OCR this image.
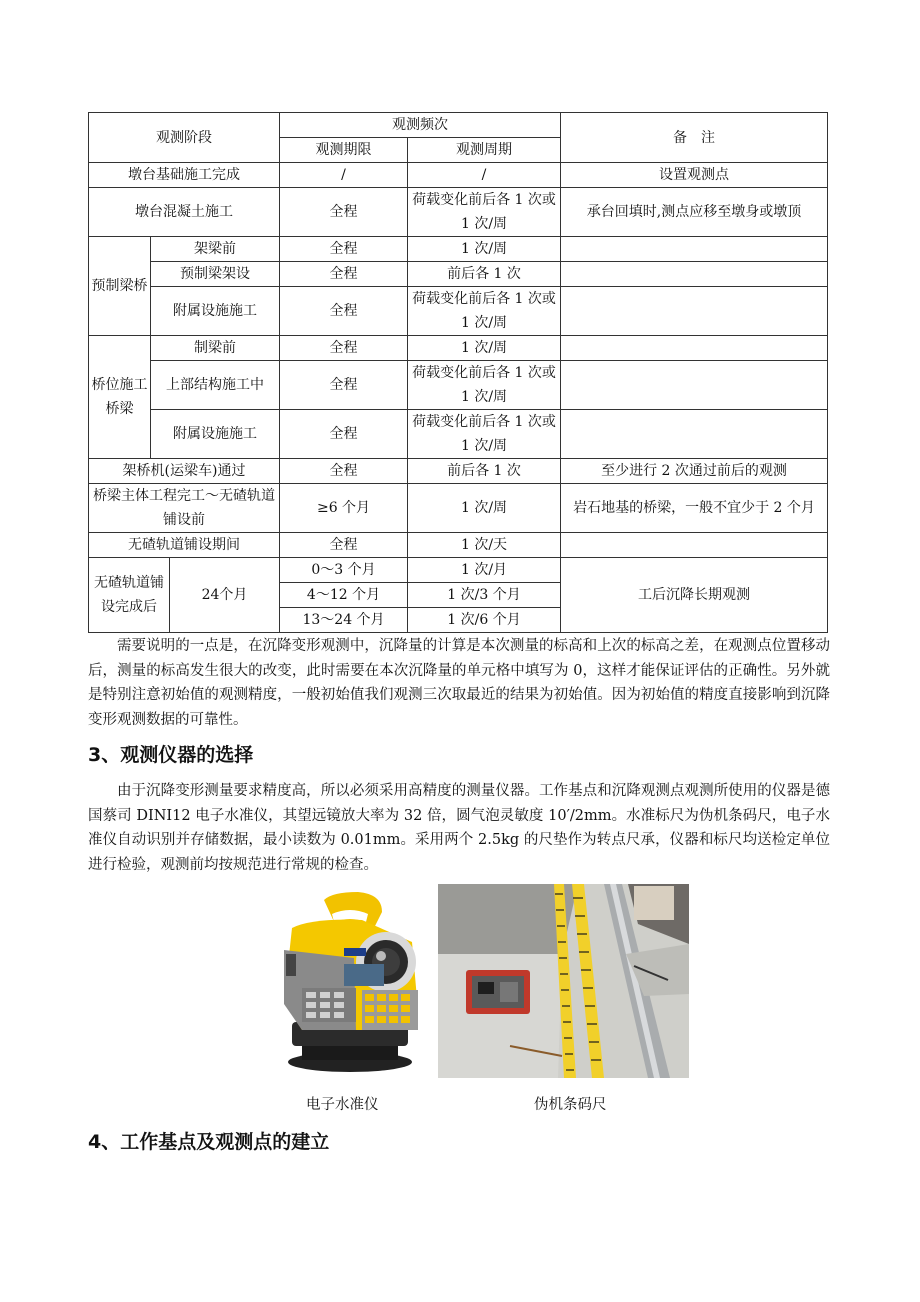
观测阶段			观测频次		备　注
			观测期限	观测周期	
墩台基础施工完成			/	/	设置观测点
墩台混凝土施工			全程	荷载变化前后各 1 次或 1 次/周	承台回填时,测点应移至墩身或墩顶
预制梁桥	架梁前		全程	1 次/周	
	预制梁架设		全程	前后各 1 次	
	附属设施施工		全程	荷载变化前后各 1 次或 1 次/周	
桥位施工桥梁	制梁前		全程	1 次/周	
	上部结构施工中		全程	荷载变化前后各 1 次或 1 次/周	
	附属设施施工		全程	荷载变化前后各 1 次或 1 次/周	
架桥机(运梁车)通过			全程	前后各 1 次	至少进行 2 次通过前后的观测
桥梁主体工程完工～无碴轨道铺设前			≥6 个月	1 次/周	岩石地基的桥梁，一般不宜少于 2 个月
无碴轨道铺设期间			全程	1 次/天	
无碴轨道铺设完成后		24个月	0～3 个月	1 次/月	工后沉降长期观测
			4～12 个月	1 次/3 个月	
			13～24 个月	1 次/6 个月	

需要说明的一点是，在沉降变形观测中，沉降量的计算是本次测量的标高和上次的标高之差，在观测点位置移动后，测量的标高发生很大的改变，此时需要在本次沉降量的单元格中填写为 0，这样才能保证评估的正确性。另外就是特别注意初始值的观测精度，一般初始值我们观测三次取最近的结果为初始值。因为初始值的精度直接影响到沉降变形观测数据的可靠性。

3、观测仪器的选择

由于沉降变形测量要求精度高，所以必须采用高精度的测量仪器。工作基点和沉降观测点观测所使用的仪器是德国蔡司 DINI12 电子水准仪，其望远镜放大率为 32 倍，圆气泡灵敏度 10′/2mm。水准标尺为伪机条码尺，电子水准仪自动识别并存储数据，最小读数为 0.01mm。采用两个 2.5kg 的尺垫作为转点尺承，仪器和标尺均送检定单位进行检验，观测前均按规范进行常规的检查。

电子水准仪	伪机条码尺
4、工作基点及观测点的建立
